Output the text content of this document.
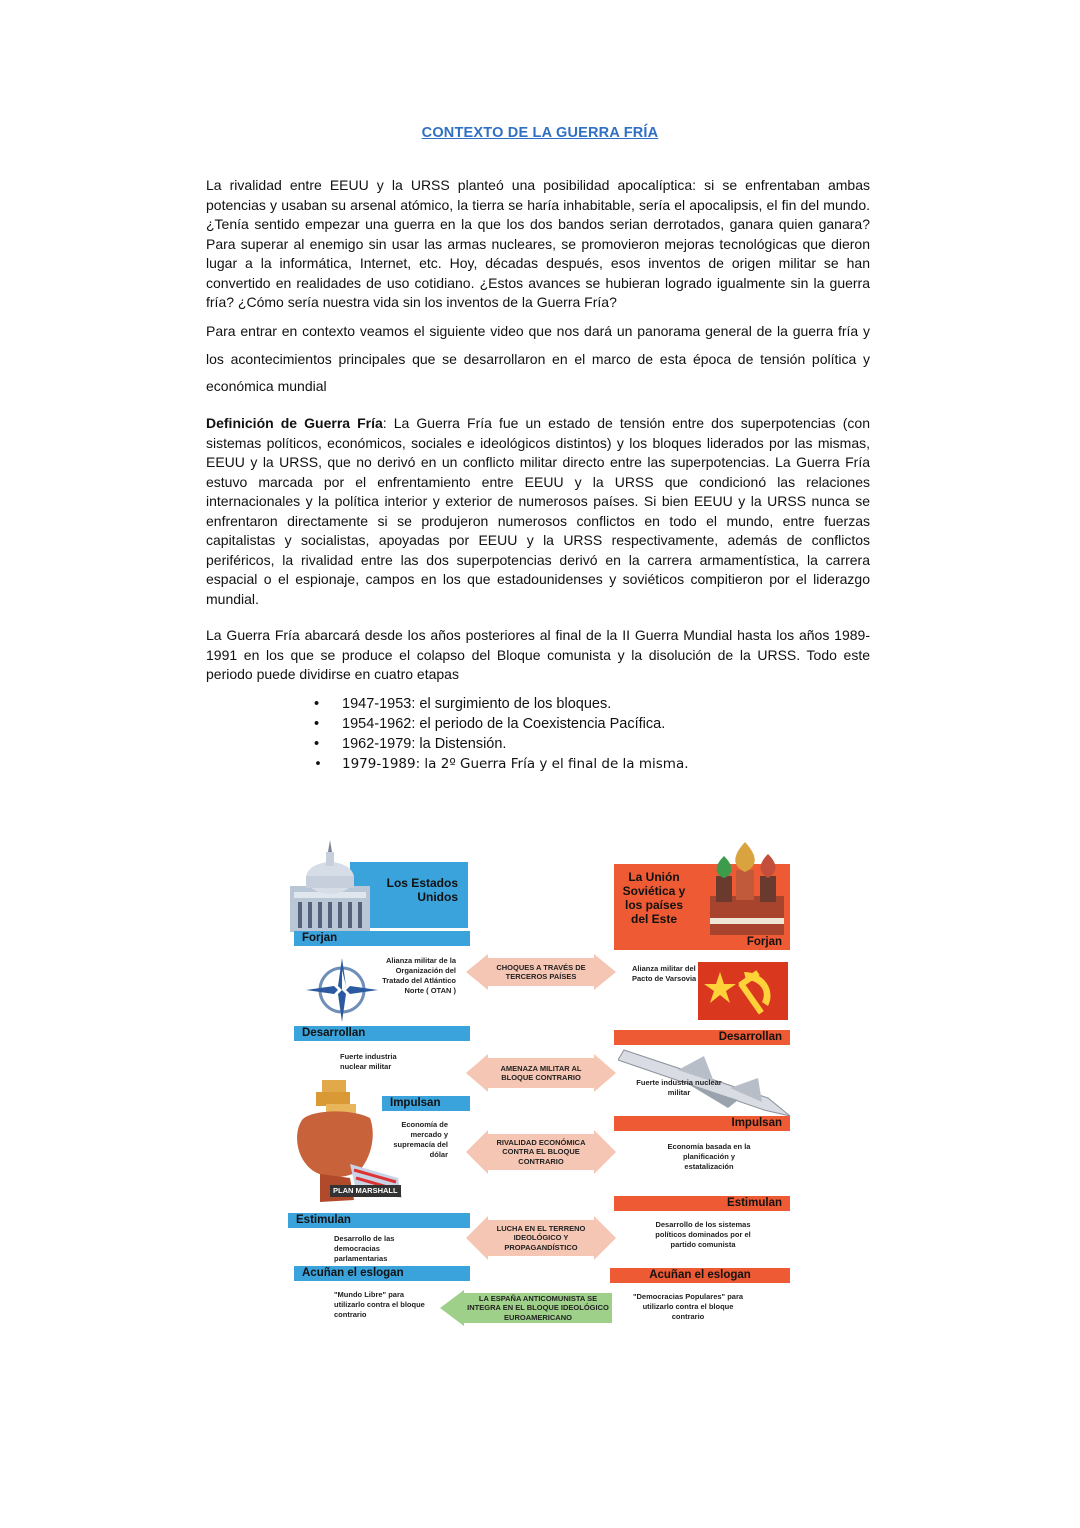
CONTEXTO DE LA GUERRA FRÍA

La rivalidad entre EEUU y la URSS planteó una posibilidad apocalíptica: si se enfrentaban ambas potencias y usaban su arsenal atómico, la tierra se haría inhabitable, sería el apocalipsis, el fin del mundo. ¿Tenía sentido empezar una guerra en la que los dos bandos serian derrotados, ganara quien ganara? Para superar al enemigo sin usar las armas nucleares, se promovieron mejoras tecnológicas que dieron lugar a la informática, Internet, etc. Hoy, décadas después, esos inventos de origen militar se han convertido en realidades de uso cotidiano. ¿Estos avances se hubieran logrado igualmente sin la guerra fría? ¿Cómo sería nuestra vida sin los inventos de la Guerra Fría?

Para entrar en contexto veamos el siguiente video que nos dará un panorama general de la guerra fría y los acontecimientos principales que se desarrollaron en el marco de esta época de tensión política y económica mundial

Definición de Guerra Fría: La Guerra Fría fue un estado de tensión entre dos superpotencias (con sistemas políticos, económicos, sociales e ideológicos distintos) y los bloques liderados por las mismas, EEUU y la URSS, que no derivó en un conflicto militar directo entre las superpotencias. La Guerra Fría estuvo marcada por el enfrentamiento entre EEUU y la URSS que condicionó las relaciones internacionales y la política interior y exterior de numerosos países. Si bien EEUU y la URSS nunca se enfrentaron directamente si se produjeron numerosos conflictos en todo el mundo, entre fuerzas capitalistas y socialistas, apoyadas por EEUU y la URSS respectivamente, además de conflictos periféricos, la rivalidad entre las dos superpotencias derivó en la carrera armamentística, la carrera espacial o el espionaje, campos en los que estadounidenses y soviéticos compitieron por el liderazgo mundial.

La Guerra Fría abarcará desde los años posteriores al final de la II Guerra Mundial hasta los años 1989-1991 en los que se produce el colapso del Bloque comunista y la disolución de la URSS. Todo este periodo puede dividirse en cuatro etapas

• 1947-1953: el surgimiento de los bloques.
• 1954-1962: el periodo de la Coexistencia Pacífica.
• 1962-1979: la Distensión.
• 1979-1989: la 2º Guerra Fría y el final de la misma.
Los Estados
Unidos
Forjan
Alianza militar de la Organización del Tratado del Atlántico Norte ( OTAN )
Desarrollan
Fuerte industria nuclear militar
Impulsan
Economía de mercado y supremacía del dólar
PLAN MARSHALL
Estimulan
Desarrollo de las democracias parlamentarias
Acuñan el eslogan
"Mundo Libre" para utilizarlo contra el bloque contrario
La Unión
Soviética y
los países
del Este
Forjan
Alianza militar del Pacto de Varsovia
Desarrollan
Fuerte industria nuclear militar
Impulsan
Economía basada en la planificación y estatalización
Estimulan
Desarrollo de los sistemas políticos dominados por el partido comunista
Acuñan el eslogan
"Democracias Populares" para utilizarlo contra el bloque contrario
CHOQUES A TRAVÉS DE TERCEROS PAÍSES
AMENAZA MILITAR AL BLOQUE CONTRARIO
RIVALIDAD ECONÓMICA CONTRA EL BLOQUE CONTRARIO
LUCHA EN EL TERRENO IDEOLÓGICO Y PROPAGANDÍSTICO
LA ESPAÑA ANTICOMUNISTA SE INTEGRA EN EL BLOQUE IDEOLÓGICO EUROAMERICANO
